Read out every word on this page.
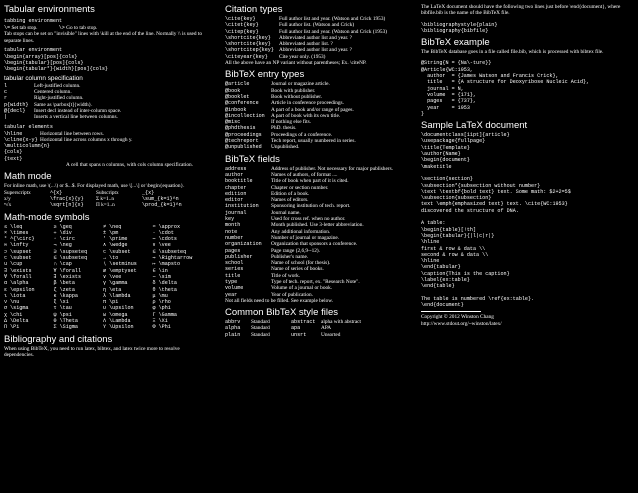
Tabular environments
tabbing environment
\= Set tab stop.	\> Go to tab stop.
Tab stops can be set on "invisible" lines with \kill at the end of the line. Normally \\ is used to separate lines.
tabular environment
\begin{array}[pos]{cols}
\begin{tabular}[pos]{cols}
\begin{tabular*}{width}[pos]{cols}
tabular column specification
l	Left-justified column.
c	Centered column.
r	Right-justified column.
p{width}	Same as \parbox[t]{width}.
@{decl}	Insert decl instead of inter-column space.
|	Inserts a vertical line between columns.
tabular elements
\hline	Horizontal line between rows.
\cline{x-y} Horizontal line across columns x through y.
\multicolumn{n}{cols}{text}
A cell that spans n columns, with cols column specification.
Math mode
For inline math, use \(...\) or $...$. For displayed math, use \[...\] or \begin{equation}.
Superscriptx	^{x}	Subscriptx	_{x}
x/y	\frac{x}{y}	Σ k=1..n	\sum_{k=1}^n
ⁿ√x	\sqrt[n]{x}	Π k=1..n	\prod_{k=1}^n
Math-mode symbols
≤ \leq	≥ \geq	≠ \neq	≈ \approx
× \times	÷ \div	± \pm	· \cdot
° ^{\circ}	◦ \circ	′ \prime	⋯ \cdots
∞ \infty	¬ \neg	∧ \wedge	∨ \vee
⊃ \supset	⊇ \supseteq	⊂ \subset	⊆ \subseteq
⊂ \subset	⊆ \subseteq	→ \to	⇒ \Rightarrow
∪ \cup	∩ \cap	∖ \setminus	↦ \mapsto
∃ \exists	∀ \forall	∅ \emptyset	∈ \in
∀ \forall	∃ \exists	∨ \vee	∼ \sim
α \alpha	β \beta	γ \gamma	δ \delta
ε \epsilon	ζ \zeta	η \eta	θ \theta
ι \iota	κ \kappa	λ \lambda	μ \mu
ν \nu	ξ \xi	π \pi	ρ \rho
σ \sigma	τ \tau	υ \upsilon	φ \phi
χ \chi	ψ \psi	ω \omega	Γ \Gamma
Δ \Delta	Θ \Theta	Λ \Lambda	Ξ \Xi
Π \Pi	Σ \Sigma	Υ \Upsilon	Φ \Phi
Bibliography and citations
When using BibTeX, you need to run latex, bibtex, and latex twice more to resolve dependencies.
Citation types
\cite{key}	Full author list and year. (Watson and Crick 1953)
\citet{key}	Full author list. (Watson and Crick)
\citep{key}	Full author list and year. (Watson and Crick (1953)
\shortcite{key}	Abbreviated author list and year. ?
\shortcite{key}	Abbreviated author list. ?
\shortcitep{key} Abbreviated author list and year. ?
\citeyear{key}	Cite year only. (1953)
All the above have an NP variant without parentheses; Ex. \citeNP.
BibTeX entry types
@article	Journal or magazine article.
@book	Book with publisher.
@booklet	Book without publisher.
@conference	Article in conference proceedings.
@inbook	A part of a book and/or range of pages.
@incollection	A part of book with its own title.
@misc	If nothing else fits.
@phdthesis	PhD. thesis.
@proceedings	Proceedings of a conference.
@techreport	Tech report, usually numbered in series.
@unpublished	Unpublished.
BibTeX fields
address	Address of publisher. Not necessary for major publishers.
author	Names of authors, of format ....
booktitle	Title of book when part of it is cited.
chapter	Chapter or section number.
edition	Edition of a book.
editor	Names of editors.
institution	Sponsoring institution of tech. report.
journal	Journal name.
key	Used for cross ref. when no author.
month	Month published. Use 3-letter abbreviation.
note	Any additional information.
number	Number of journal or magazine.
organization	Organization that sponsors a conference.
pages	Page range (2,6,9--12).
publisher	Publisher's name.
school	Name of school (for thesis).
series	Name of series of books.
title	Title of work.
type	Type of tech. report, ex. "Research Note".
volume	Volume of a journal or book.
year	Year of publication.
Not all fields need to be filled. See example below.
Common BibTeX style files
abbrv	Standard	abstract	alpha with abstract
alpha	Standard	apa	APA
plain	Standard	unsrt	Unsorted
The LaTeX document should have the following two lines just before \end{document}, where bibfile.bib is the name of the BibTeX file.
\bibliographystyle{plain}
\bibliography{bibfile}
BibTeX example
The BibTeX database goes in a file called file.bib, which is processed with bibtex file.
@String{N = {Na\-ture}}
@Article{WC:1953,
author  = {James Watson and Francis Crick},
title   = {A structure for Deoxyribose Nucleic Acid},
journal = N,
volume  = {171},
pages   = {737},
year    = 1953
}
Sample LaTeX document
\documentclass[11pt]{article}
\usepackage{fullpage}
\title{Template}
\author{Name}
\begin{document}
\maketitle
\section{section}
\subsection*{subsection without number}
\text \textbf{bold text} text. Some math: $2+2=5$
\subsection{subsection}
text \emph{emphasized text} text. \cite{WC:1953}
discovered the structure of DNA.
A table:
\begin{table}[!th]
\begin{tabular}{|l|c|r|}
\hline
first & row & data \\
second & row & data \\
\hline
\end{tabular}
\caption{This is the caption}
\label{ex:table}
\end{table}
The table is numbered \ref{ex:table}.
\end{document}
Copyright © 2012 Winston Chang
http://www.stdout.org/~winston/latex/
